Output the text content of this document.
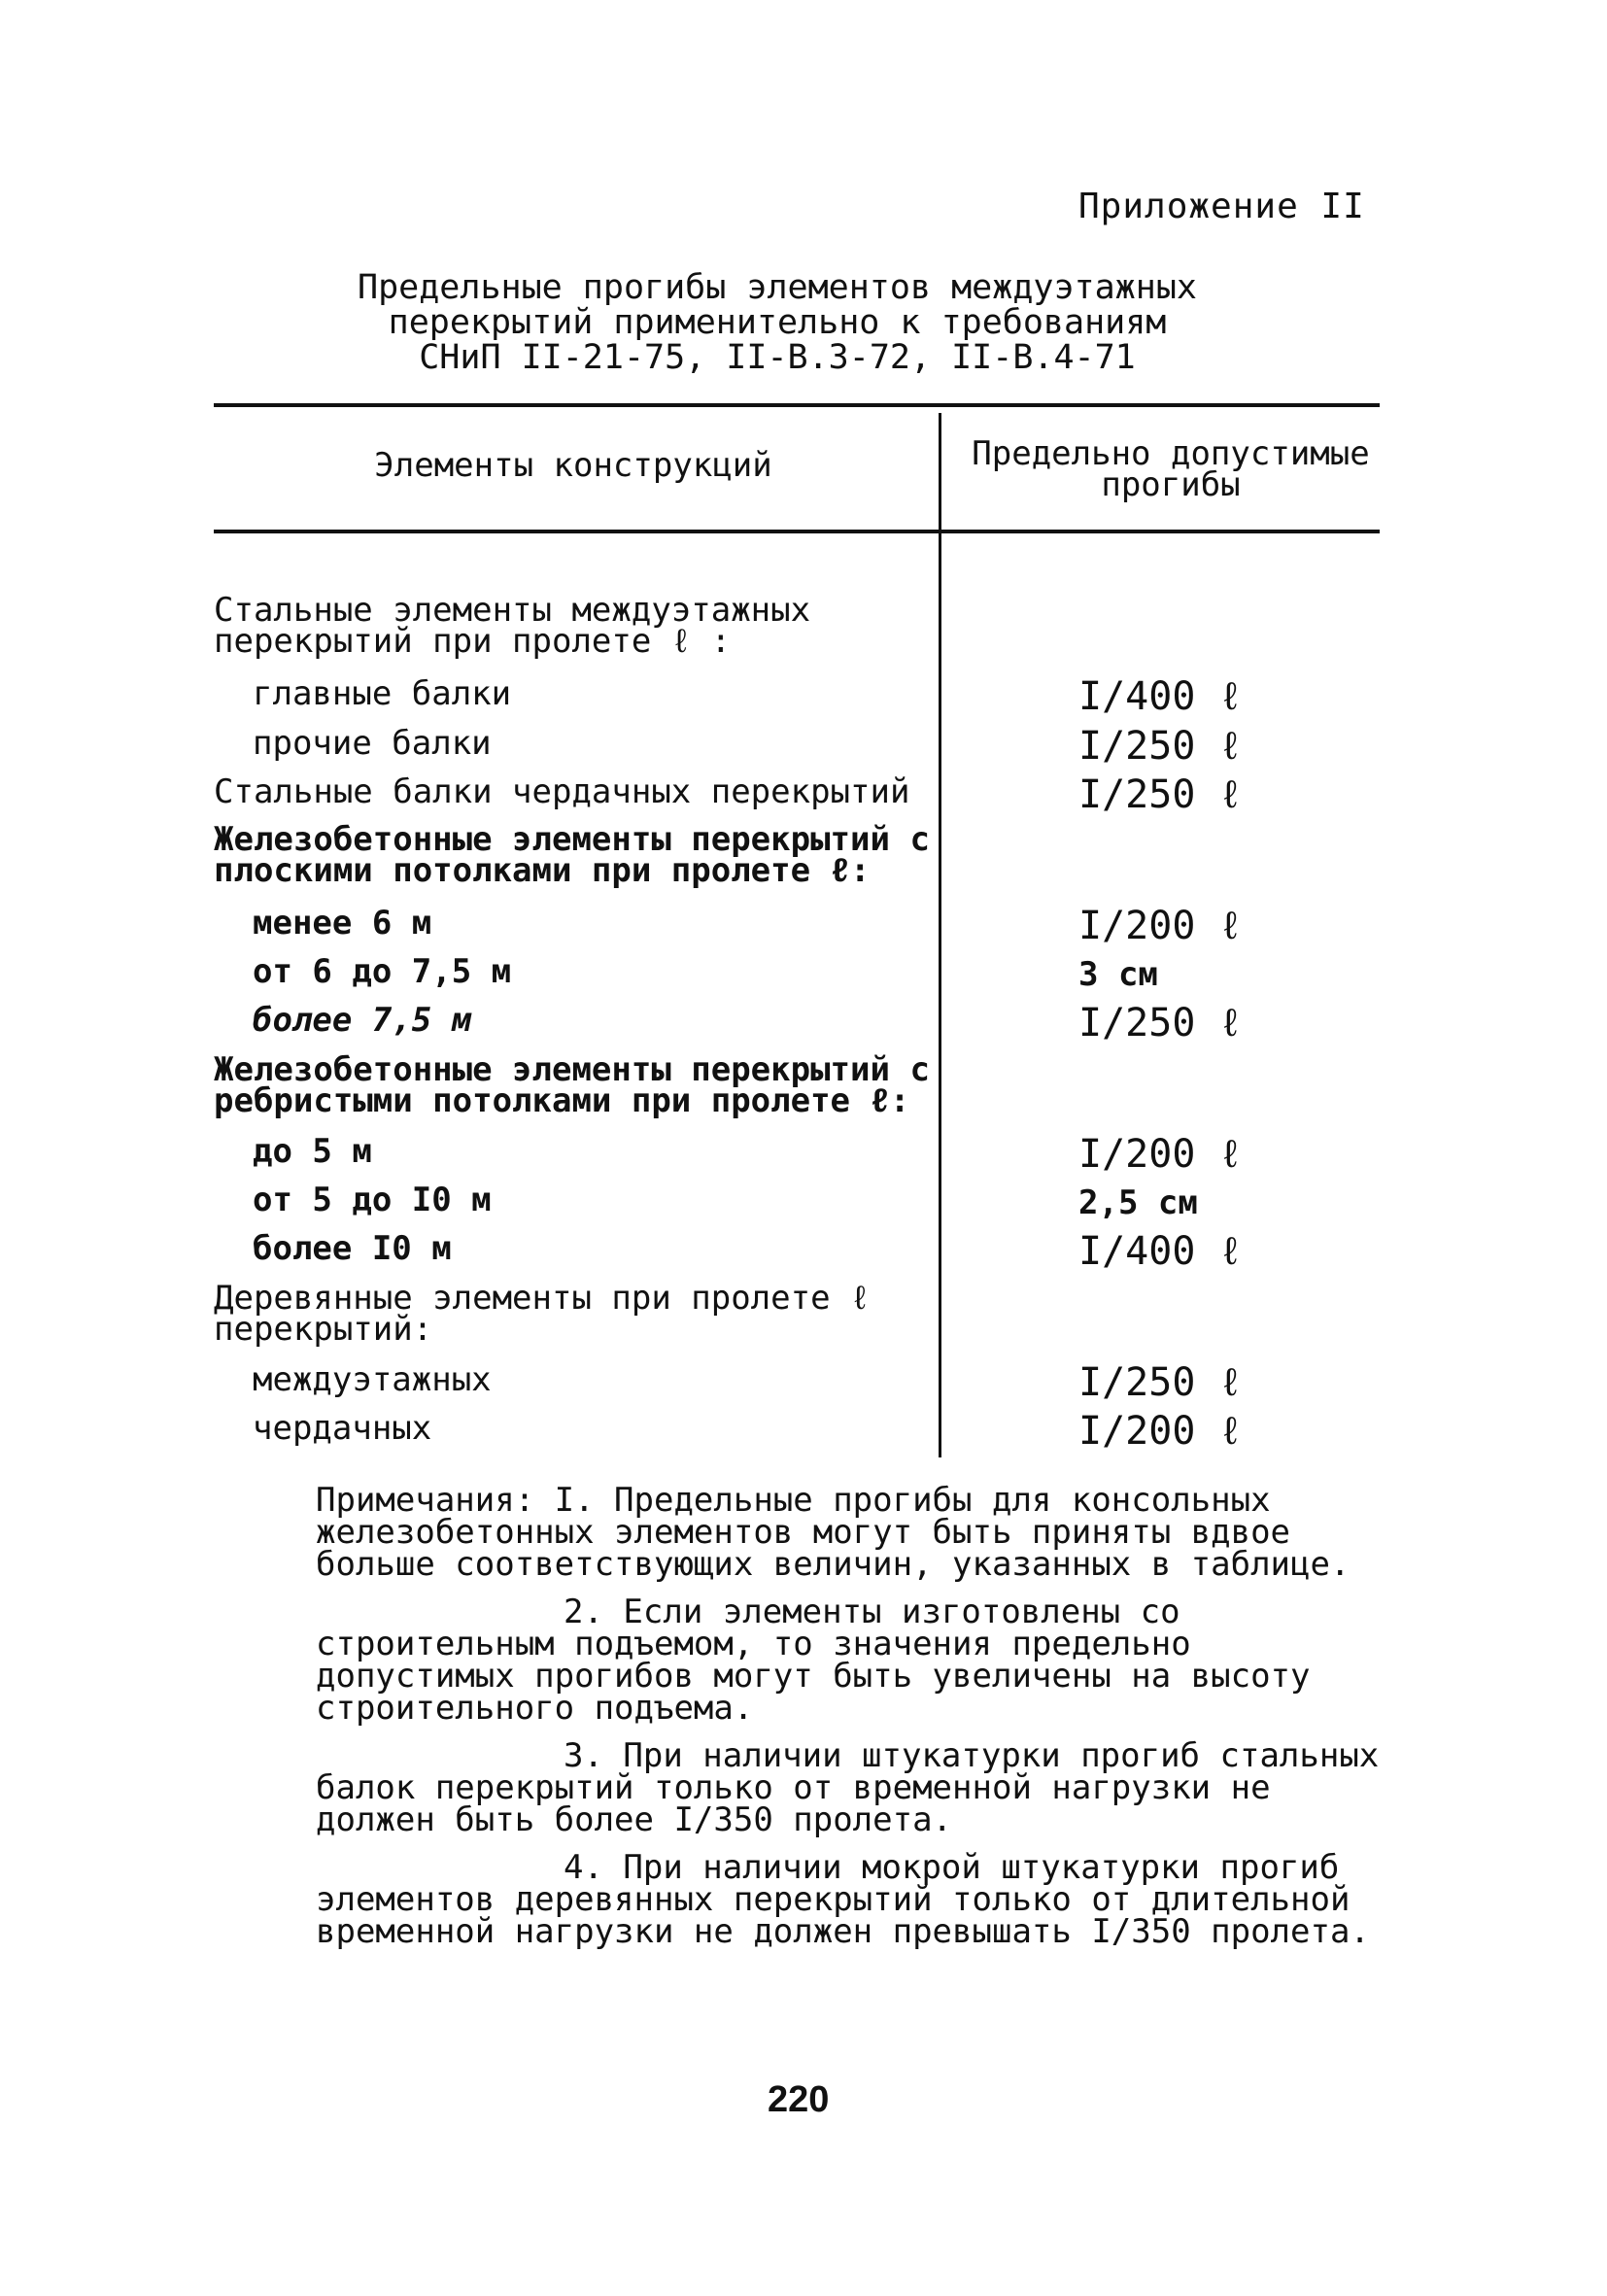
Приложение II
Предельные прогибы элементов междуэтажных
перекрытий применительно к требованиям
СНиП II-21-75, II-В.3-72, II-В.4-71
Элементы конструкций	Предельно допустимые прогибы
Стальные элементы междуэтажных перекрытий при пролете ℓ :
главные балки	I/400 ℓ
прочие балки	I/250 ℓ
Стальные балки чердачных перекрытий	I/250 ℓ
Железобетонные элементы перекрытий с плоскими потолками при пролете ℓ:
менее 6 м	I/200 ℓ
от 6 до 7,5 м	3 см
более 7,5 м	I/250 ℓ
Железобетонные элементы перекрытий с ребристыми потолками при пролете ℓ:
до 5 м	I/200 ℓ
от 5 до I0 м	2,5 см
более I0 м	I/400 ℓ
Деревянные элементы при пролете ℓ перекрытий:
междуэтажных	I/250 ℓ
чердачных	I/200 ℓ

Примечания: I. Предельные прогибы для консольных железобетонных элементов могут быть приняты вдвое больше соответствующих величин, указанных в таблице.

2. Если элементы изготовлены со строительным подъемом, то значения предельно допустимых прогибов могут быть увеличены на высоту строительного подъема.

3. При наличии штукатурки прогиб стальных балок перекрытий только от временной нагрузки не должен быть более I/350 пролета.

4. При наличии мокрой штукатурки прогиб элементов деревянных перекрытий только от длительной временной нагрузки не должен превышать I/350 пролета.

220
